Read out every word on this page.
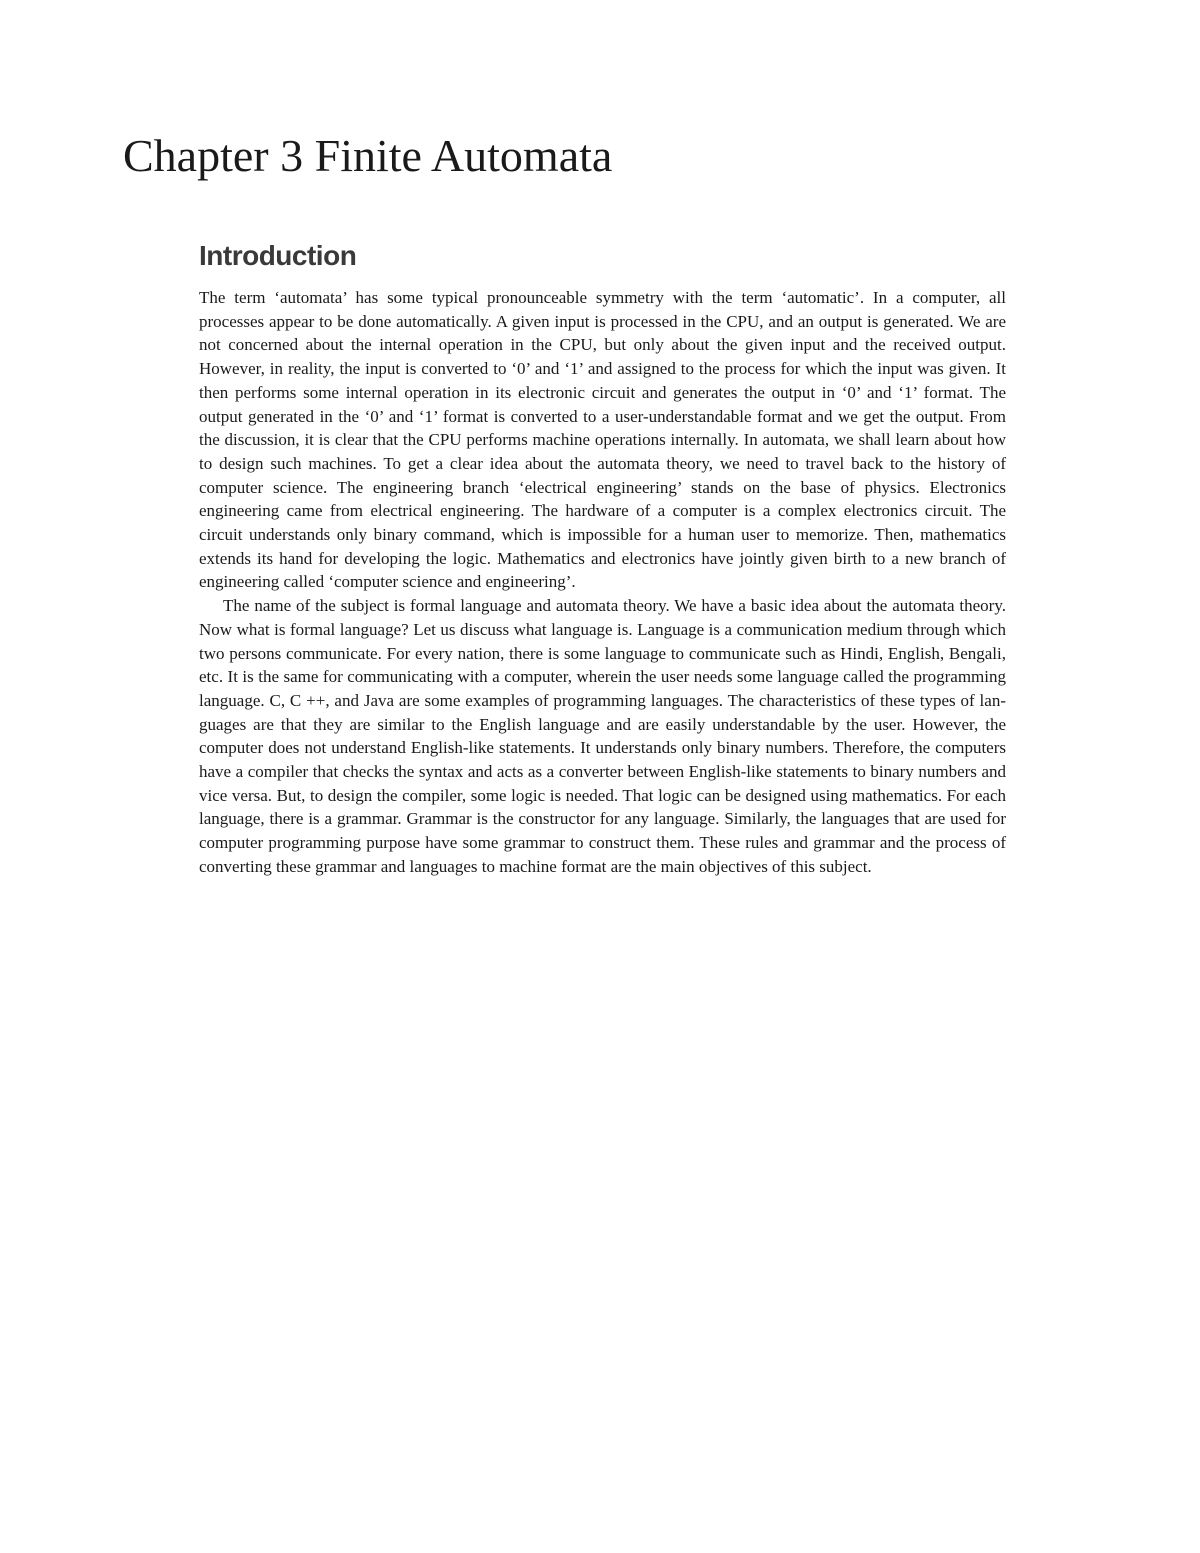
Chapter 3 Finite Automata
Introduction

The term ‘automata’ has some typical pronounceable symmetry with the term ‘automatic’. In a computer, all processes appear to be done automatically. A given input is processed in the CPU, and an output is generated. We are not concerned about the internal operation in the CPU, but only about the given input and the received output. However, in reality, the input is converted to ‘0’ and ‘1’ and assigned to the process for which the input was given. It then performs some internal operation in its electronic circuit and generates the output in ‘0’ and ‘1’ format. The output generated in the ‘0’ and ‘1’ format is converted to a user-understandable format and we get the output. From the discussion, it is clear that the CPU performs machine operations internally. In automata, we shall learn about how to design such machines. To get a clear idea about the automata theory, we need to travel back to the history of computer science. The engineering branch ‘electrical engineering’ stands on the base of physics. Electronics engineering came from electrical engineering. The hardware of a computer is a complex electronics circuit. The circuit understands only binary command, which is impossible for a human user to memorize. Then, mathematics extends its hand for developing the logic. Mathematics and electronics have jointly given birth to a new branch of engineering called ‘computer science and engineering’.

The name of the subject is formal language and automata theory. We have a basic idea about the automata theory. Now what is formal language? Let us discuss what language is. Language is a communication medium through which two persons communicate. For every nation, there is some language to communicate such as Hindi, English, Bengali, etc. It is the same for communicating with a computer, wherein the user needs some language called the programming language. C, C ++, and Java are some examples of programming languages. The characteristics of these types of lan-guages are that they are similar to the English language and are easily understandable by the user. However, the computer does not understand English-like statements. It understands only binary numbers. Therefore, the computers have a compiler that checks the syntax and acts as a converter between English-like statements to binary numbers and vice versa. But, to design the compiler, some logic is needed. That logic can be designed using mathematics. For each language, there is a grammar. Grammar is the constructor for any language. Similarly, the languages that are used for computer programming purpose have some grammar to construct them. These rules and grammar and the process of converting these grammar and languages to machine format are the main objectives of this subject.
